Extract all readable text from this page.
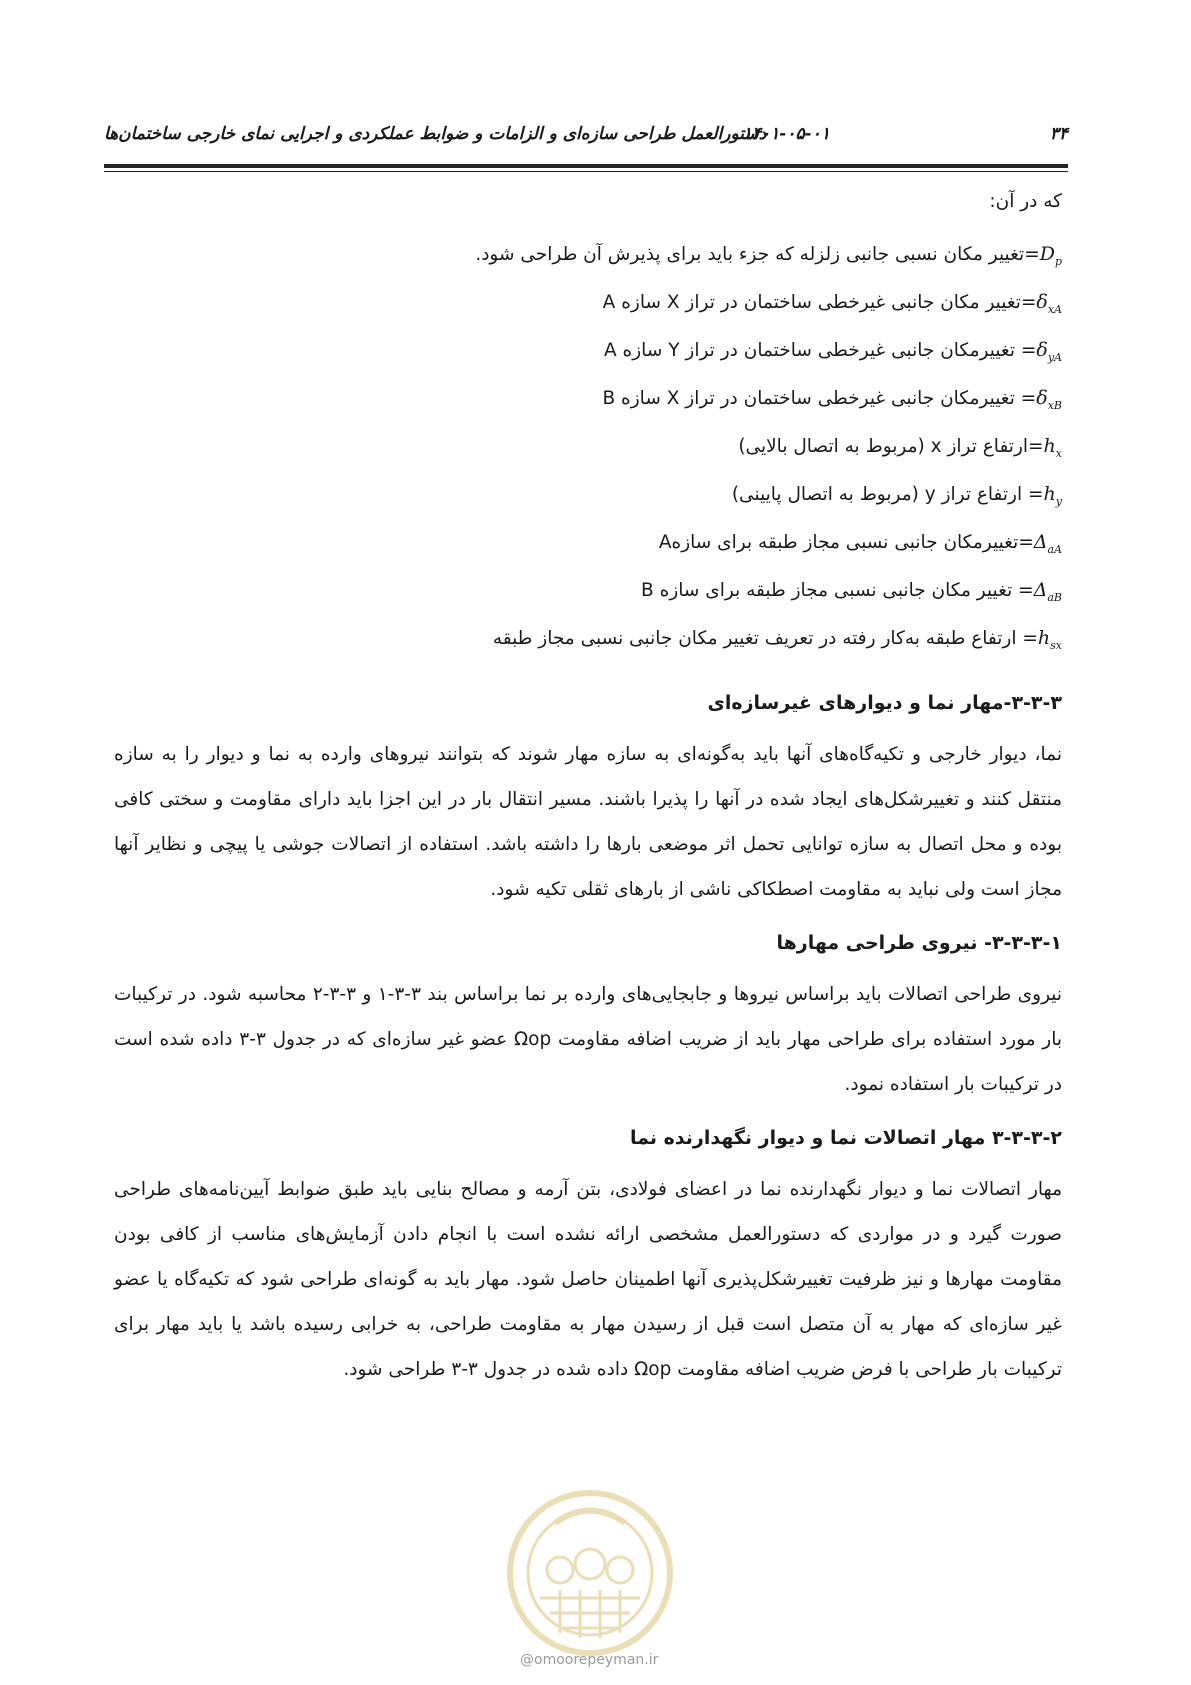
۳۴
۱۴۰۱-۰۵-۰۱
دستورالعمل طراحی سازه‌ای و الزامات و ضوابط عملکردی و اجرایی نمای خارجی ساختمان‌ها
که در آن:
$D_p=تغییر$ مکان نسبی جانبی زلزله که جزء باید برای پذیرش آن طراحی شود.
$\delta_{xA}=تغییر$ مکان جانبی غیرخطی ساختمان در تراز X سازه A
$\delta_{yA}=$ تغییرمکان جانبی غیرخطی ساختمان در تراز Y سازه A
$\delta_{xB}=$ تغییرمکان جانبی غیرخطی ساختمان در تراز X سازه B
$h_x=ارتفاع$ تراز x (مربوط به اتصال بالایی)
$h_y=$ ارتفاع تراز y (مربوط به اتصال پایینی)
$\Delta_{aA}=تغییرمکان$ جانبی نسبی مجاز طبقه برای سازهA
$\Delta_{aB}=$ تغییر مکان جانبی نسبی مجاز طبقه برای سازه B
$h_{sx}=$ ارتفاع طبقه به‌کار رفته در تعریف تغییر مکان جانبی نسبی مجاز طبقه
۳-۳-۳-مهار نما و دیوارهای غیرسازه‌ای

نما، دیوار خارجی و تکیه‌گاه‌های آنها باید به‌گونه‌ای به سازه مهار شوند که بتوانند نیروهای وارده به نما و دیوار را به سازه منتقل کنند و تغییرشکل‌های ایجاد شده در آنها را پذیرا باشند. مسیر انتقال بار در این اجزا باید دارای مقاومت و سختی کافی بوده و محل اتصال به سازه توانایی تحمل اثر موضعی بارها را داشته باشد. استفاده از اتصالات جوشی یا پیچی و نظایر آنها مجاز است ولی نباید به مقاومت اصطکاکی ناشی از بارهای ثقلی تکیه شود.

۳-۳-۳-۱- نیروی طراحی مهارها

نیروی طراحی اتصالات باید براساس نیروها و جابجایی‌های وارده بر نما براساس بند ۳-۳-۱ و ۳-۳-۲ محاسبه شود. در ترکیبات بار مورد استفاده برای طراحی مهار باید از ضریب اضافه مقاومت Ωop عضو غیر سازه‌ای که در جدول ۳-۳ داده شده است در ترکیبات بار استفاده نمود.

۳-۳-۳-۲ مهار اتصالات نما و دیوار نگهدارنده نما

مهار اتصالات نما و دیوار نگهدارنده نما در اعضای فولادی، بتن آرمه و مصالح بنایی باید طبق ضوابط آیین‌نامه‌های طراحی صورت گیرد و در مواردی که دستورالعمل مشخصی ارائه نشده است با انجام دادن آزمایش‌های مناسب از کافی بودن مقاومت مهارها و نیز ظرفیت تغییرشکل‌پذیری آنها اطمینان حاصل شود. مهار باید به گونه‌ای طراحی شود که تکیه‌گاه یا عضو غیر سازه‌ای که مهار به آن متصل است قبل از رسیدن مهار به مقاومت طراحی، به خرابی رسیده باشد یا باید مهار برای ترکیبات بار طراحی با فرض ضریب اضافه مقاومت Ωop داده شده در جدول ۳-۳ طراحی شود.

@omoorepeyman.ir
